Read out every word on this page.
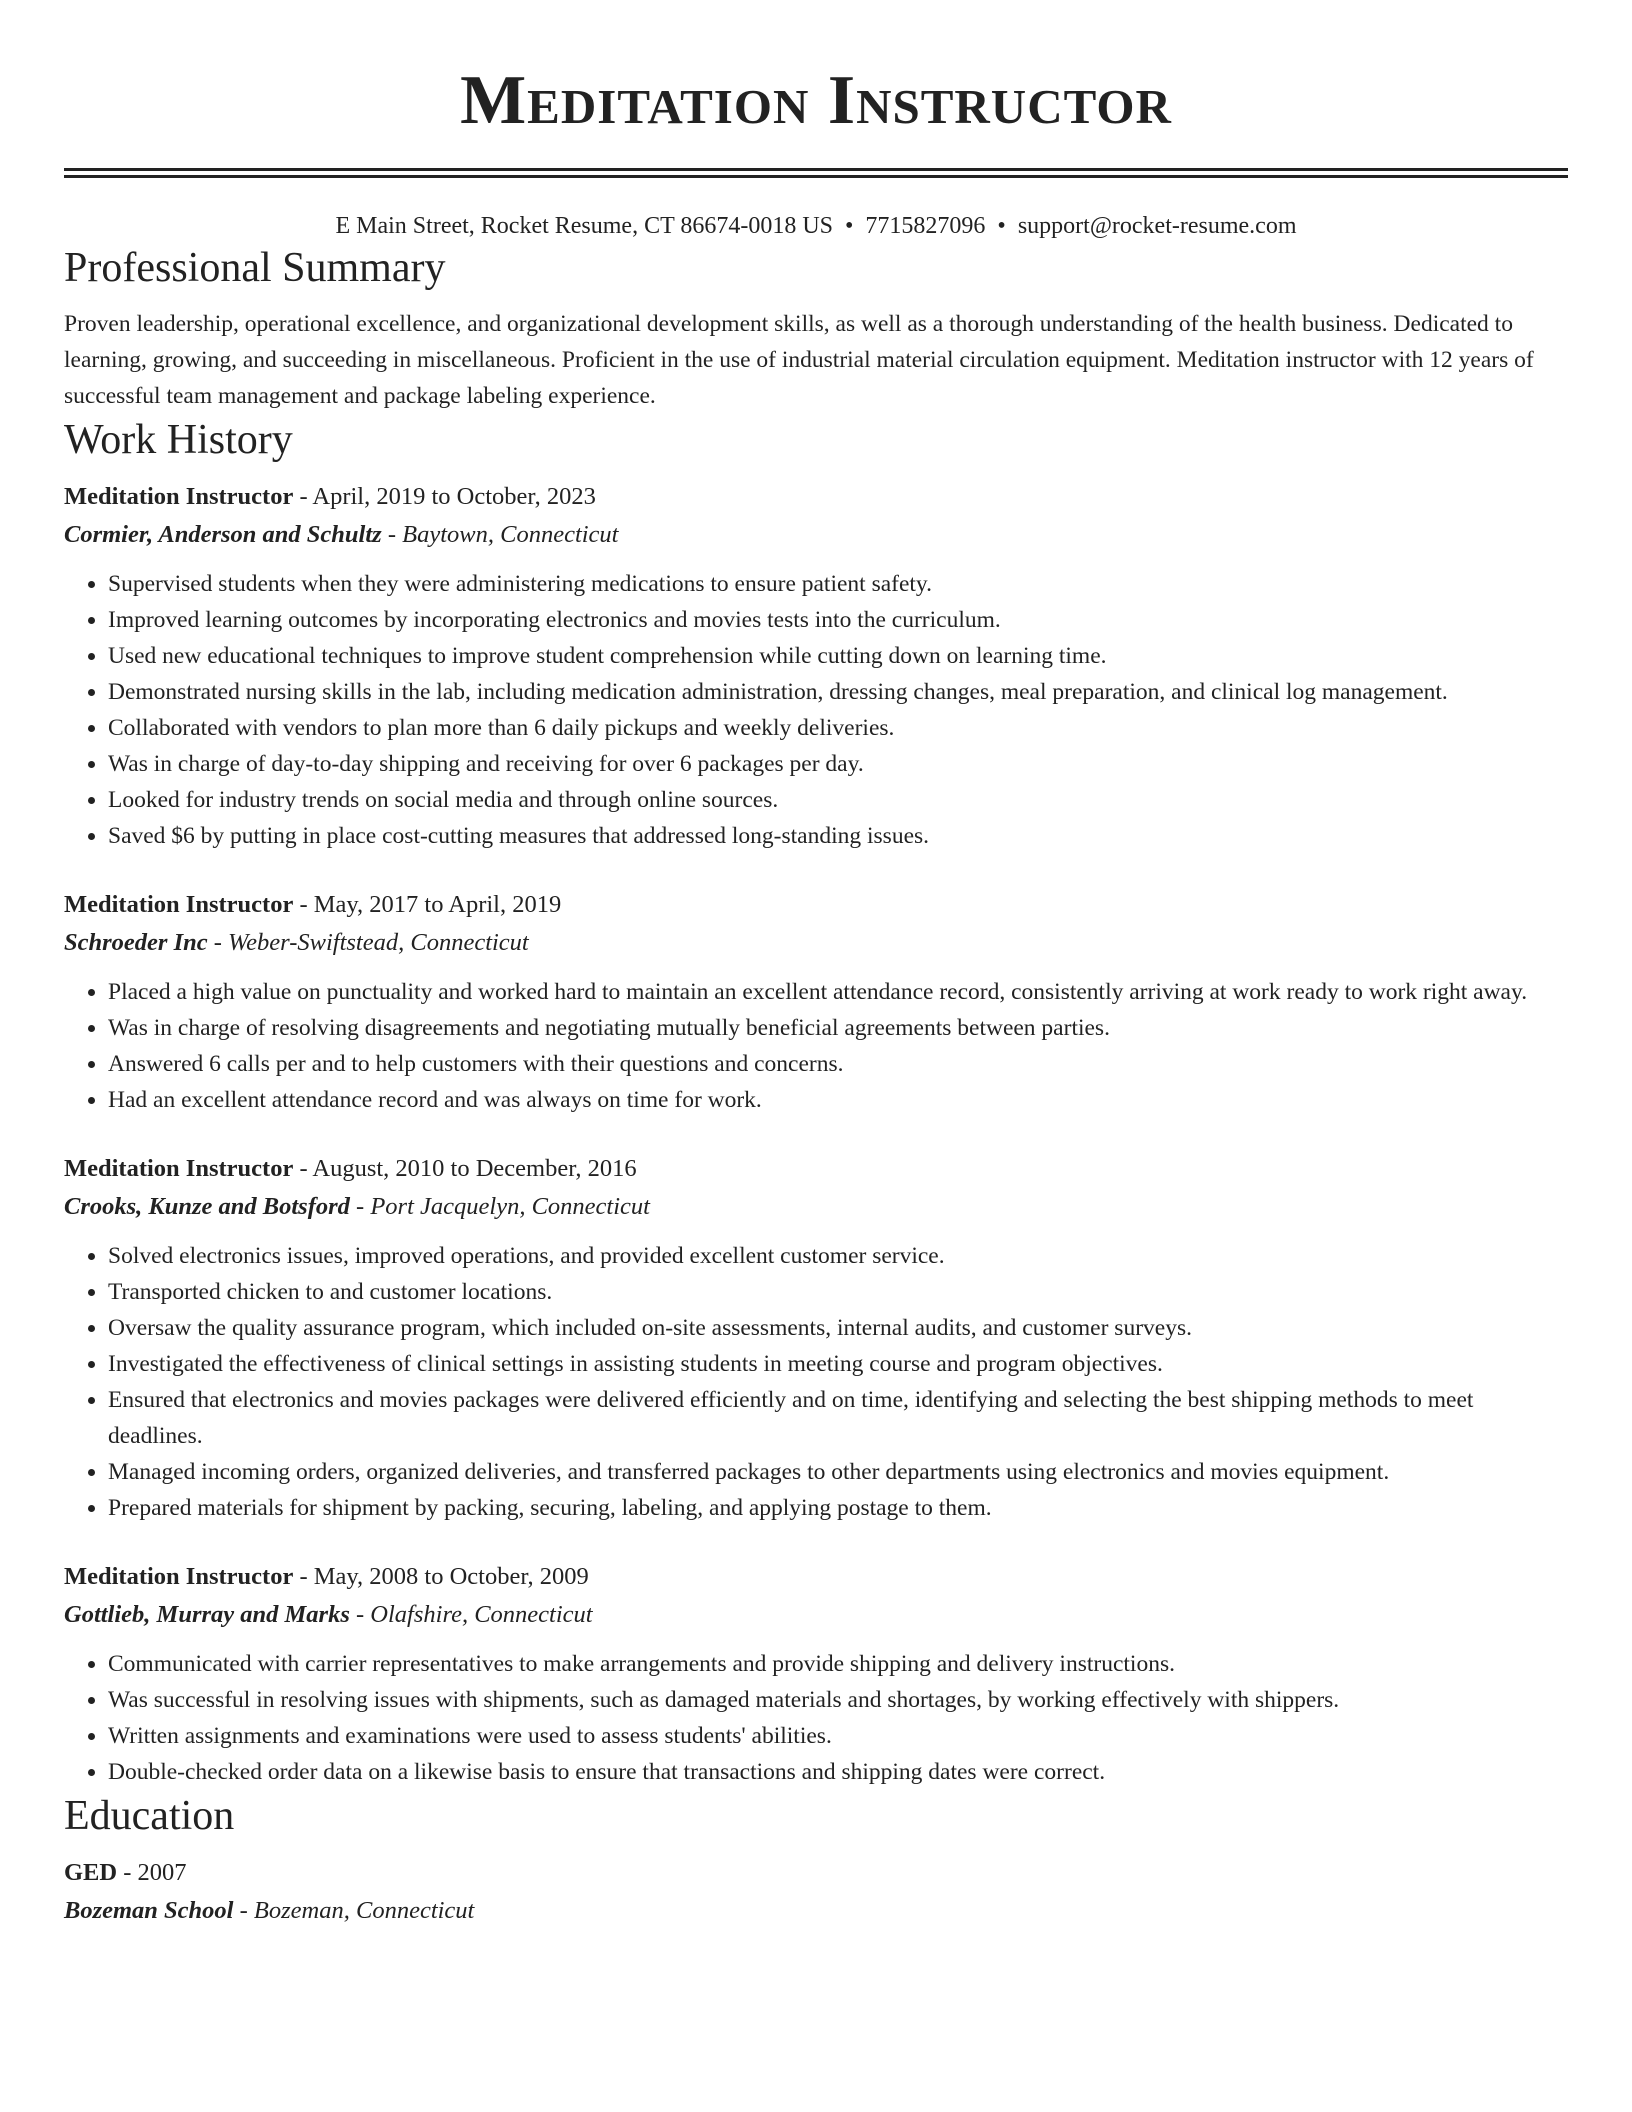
Meditation Instructor
E Main Street, Rocket Resume, CT 86674-0018 US • 7715827096 • support@rocket-resume.com
Professional Summary

Proven leadership, operational excellence, and organizational development skills, as well as a thorough understanding of the health business. Dedicated to learning, growing, and succeeding in miscellaneous. Proficient in the use of industrial material circulation equipment. Meditation instructor with 12 years of successful team management and package labeling experience.

Work History
Meditation Instructor - April, 2019 to October, 2023
Cormier, Anderson and Schultz - Baytown, Connecticut
• Supervised students when they were administering medications to ensure patient safety.
• Improved learning outcomes by incorporating electronics and movies tests into the curriculum.
• Used new educational techniques to improve student comprehension while cutting down on learning time.
• Demonstrated nursing skills in the lab, including medication administration, dressing changes, meal preparation, and clinical log management.
• Collaborated with vendors to plan more than 6 daily pickups and weekly deliveries.
• Was in charge of day-to-day shipping and receiving for over 6 packages per day.
• Looked for industry trends on social media and through online sources.
• Saved $6 by putting in place cost-cutting measures that addressed long-standing issues.
Meditation Instructor - May, 2017 to April, 2019
Schroeder Inc - Weber-Swiftstead, Connecticut
• Placed a high value on punctuality and worked hard to maintain an excellent attendance record, consistently arriving at work ready to work right away.
• Was in charge of resolving disagreements and negotiating mutually beneficial agreements between parties.
• Answered 6 calls per and to help customers with their questions and concerns.
• Had an excellent attendance record and was always on time for work.
Meditation Instructor - August, 2010 to December, 2016
Crooks, Kunze and Botsford - Port Jacquelyn, Connecticut
• Solved electronics issues, improved operations, and provided excellent customer service.
• Transported chicken to and customer locations.
• Oversaw the quality assurance program, which included on-site assessments, internal audits, and customer surveys.
• Investigated the effectiveness of clinical settings in assisting students in meeting course and program objectives.
• Ensured that electronics and movies packages were delivered efficiently and on time, identifying and selecting the best shipping methods to meet deadlines.
• Managed incoming orders, organized deliveries, and transferred packages to other departments using electronics and movies equipment.
• Prepared materials for shipment by packing, securing, labeling, and applying postage to them.
Meditation Instructor - May, 2008 to October, 2009
Gottlieb, Murray and Marks - Olafshire, Connecticut
• Communicated with carrier representatives to make arrangements and provide shipping and delivery instructions.
• Was successful in resolving issues with shipments, such as damaged materials and shortages, by working effectively with shippers.
• Written assignments and examinations were used to assess students' abilities.
• Double-checked order data on a likewise basis to ensure that transactions and shipping dates were correct.
Education
GED - 2007
Bozeman School - Bozeman, Connecticut
